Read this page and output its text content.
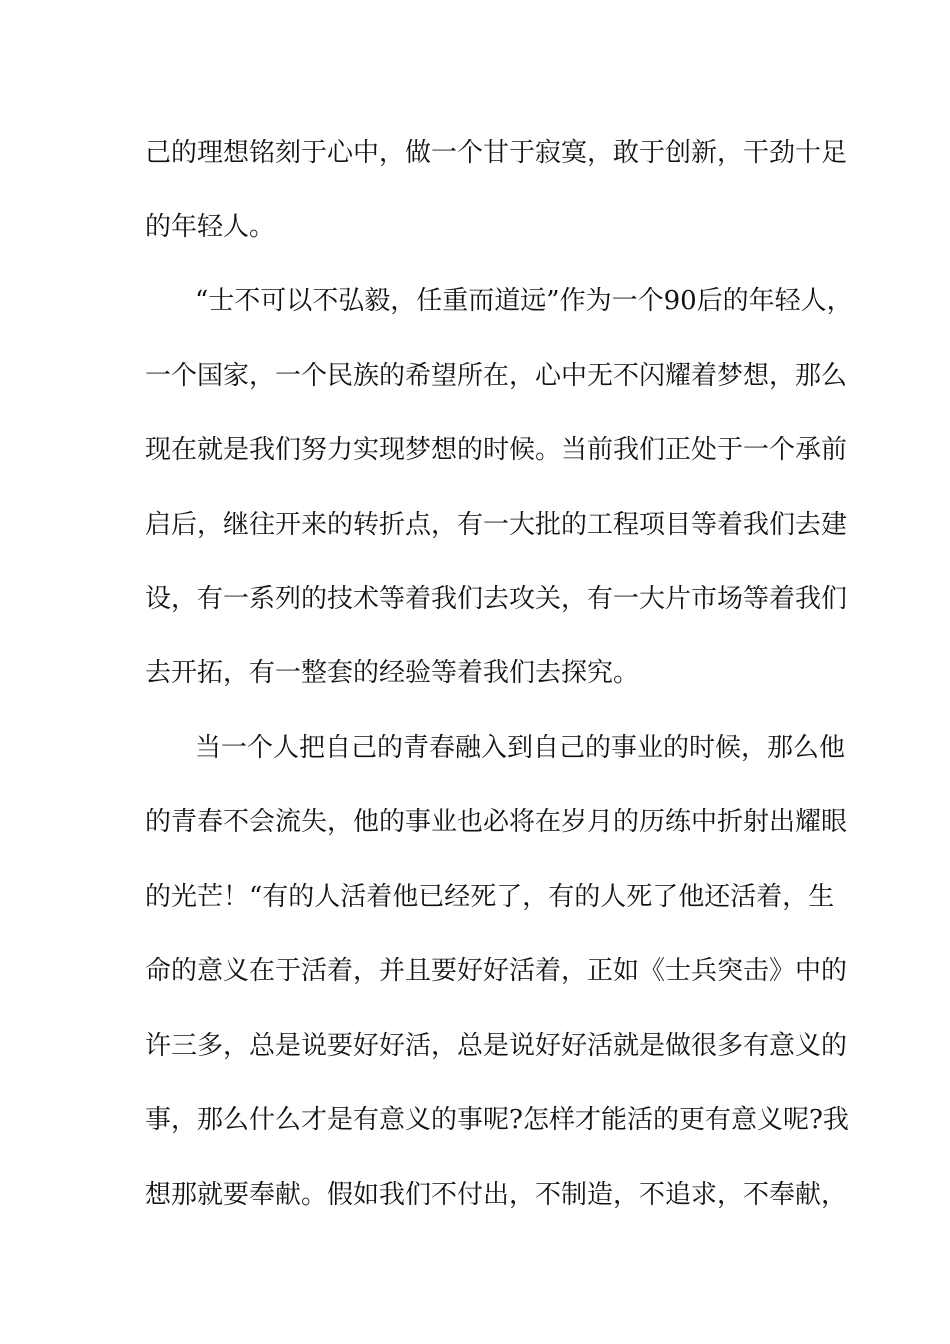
己的理想铭刻于心中，做一个甘于寂寞，敢于创新，干劲十足
的年轻人。
“士不可以不弘毅，任重而道远”作为一个90后的年轻人，
一个国家，一个民族的希望所在，心中无不闪耀着梦想，那么
现在就是我们努力实现梦想的时候。当前我们正处于一个承前
启后，继往开来的转折点，有一大批的工程项目等着我们去建
设，有一系列的技术等着我们去攻关，有一大片市场等着我们
去开拓，有一整套的经验等着我们去探究。
当一个人把自己的青春融入到自己的事业的时候，那么他
的青春不会流失，他的事业也必将在岁月的历练中折射出耀眼
的光芒！“有的人活着他已经死了，有的人死了他还活着，生
命的意义在于活着，并且要好好活着，正如《士兵突击》中的
许三多，总是说要好好活，总是说好好活就是做很多有意义的
事，那么什么才是有意义的事呢?怎样才能活的更有意义呢?我
想那就要奉献。假如我们不付出，不制造，不追求，不奉献，
